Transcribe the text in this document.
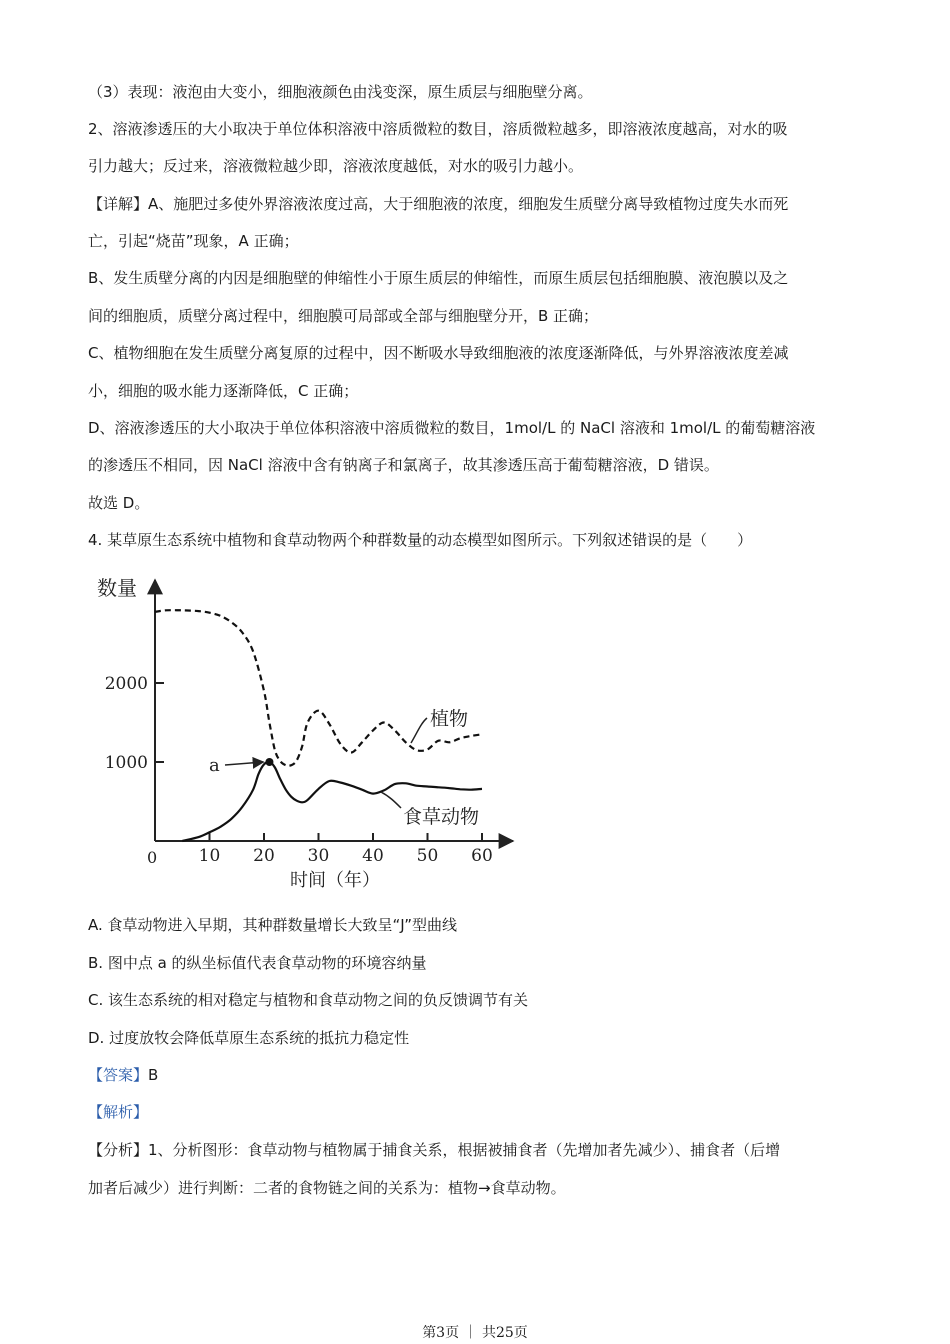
（3）表现：液泡由大变小，细胞液颜色由浅变深，原生质层与细胞壁分离。
2、溶液渗透压的大小取决于单位体积溶液中溶质微粒的数目，溶质微粒越多，即溶液浓度越高，对水的吸
引力越大；反过来，溶液微粒越少即，溶液浓度越低，对水的吸引力越小。
【详解】A、施肥过多使外界溶液浓度过高，大于细胞液的浓度，细胞发生质壁分离导致植物过度失水而死
亡，引起“烧苗”现象，A 正确；
B、发生质壁分离的内因是细胞壁的伸缩性小于原生质层的伸缩性，而原生质层包括细胞膜、液泡膜以及之
间的细胞质，质壁分离过程中，细胞膜可局部或全部与细胞壁分开，B 正确；
C、植物细胞在发生质壁分离复原的过程中，因不断吸水导致细胞液的浓度逐渐降低，与外界溶液浓度差减
小，细胞的吸水能力逐渐降低，C 正确；
D、溶液渗透压的大小取决于单位体积溶液中溶质微粒的数目，1mol/L 的 NaCl 溶液和 1mol/L 的葡萄糖溶液
的渗透压不相同，因 NaCl 溶液中含有钠离子和氯离子，故其渗透压高于葡萄糖溶液，D 错误。
故选 D。
4. 某草原生态系统中植物和食草动物两个种群数量的动态模型如图所示。下列叙述错误的是（　　）
10 20 30 40 50 60
1000
2000
数量
时间（年）
0
植物
食草动物
a
A. 食草动物进入早期，其种群数量增长大致呈“J”型曲线
B. 图中点 a 的纵坐标值代表食草动物的环境容纳量
C. 该生态系统的相对稳定与植物和食草动物之间的负反馈调节有关
D. 过度放牧会降低草原生态系统的抵抗力稳定性
【答案】B
【解析】
【分析】1、分析图形：食草动物与植物属于捕食关系，根据被捕食者（先增加者先减少）、捕食者（后增
加者后减少）进行判断：二者的食物链之间的关系为：植物→食草动物。
第3页 ｜ 共25页
